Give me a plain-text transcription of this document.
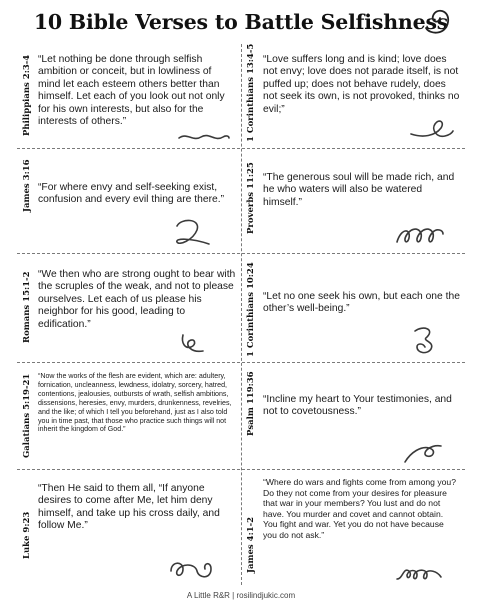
10 Bible Verses to Battle Selfishness
Philippians 2:3-4 “Let nothing be done through selfish ambition or conceit, but in lowliness of mind let each esteem others better than himself. Let each of you look out not only for his own interests, but also for the interests of others.”	1 Corinthians 13:4-5 “Love suffers long and is kind; love does not envy; love does not parade itself, is not puffed up; does not behave rudely, does not seek its own, is not provoked, thinks no evil;”
James 3:16 “For where envy and self-seeking exist, confusion and every evil thing are there.”	Proverbs 11:25 “The generous soul will be made rich, and he who waters will also be watered himself.”
Romans 15:1-2 “We then who are strong ought to bear with the scruples of the weak, and not to please ourselves. Let each of us please his neighbor for his good, leading to edification.”	1 Corinthians 10:24 “Let no one seek his own, but each one the other’s well-being.”
Galatians 5:19-21 “Now the works of the flesh are evident, which are: adultery, fornication, uncleanness, lewdness, idolatry, sorcery, hatred, contentions, jealousies, outbursts of wrath, selfish ambitions, dissensions, heresies, envy, murders, drunkenness, revelries, and the like; of which I tell you beforehand, just as I also told you in time past, that those who practice such things will not inherit the kingdom of God.”	Psalm 119:36 “Incline my heart to Your testimonies, and not to covetousness.”
Luke 9:23
“Then He said to them all, “If anyone desires to come after Me, let him deny himself, and take up his cross daily, and follow Me.”	James 4:1-2
“Where do wars and fights come from among you? Do they not come from your desires for pleasure that war in your members? You lust and do not have. You murder and covet and cannot obtain. You fight and war. Yet you do not have because you do not ask.”
A Little R&R | rosilindjukic.com
